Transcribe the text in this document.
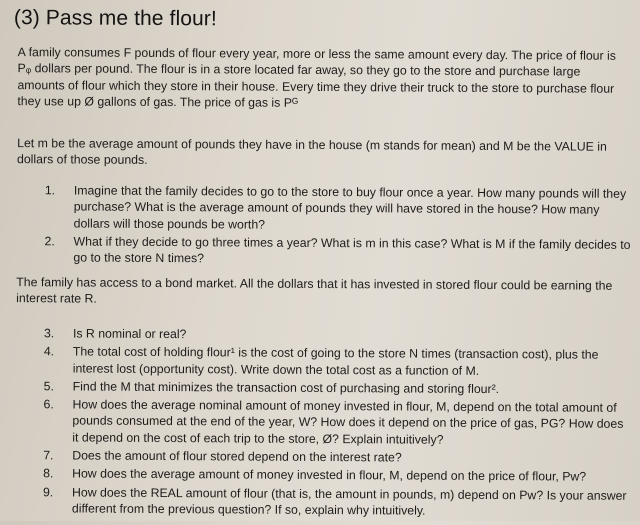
(3) Pass me the flour!
A family consumes F pounds of flour every year, more or less the same amount every day. The price of flour is Pᵩ dollars per pound. The flour is in a store located far away, so they go to the store and purchase large amounts of flour which they store in their house. Every time they drive their truck to the store to purchase flour they use up Ø gallons of gas. The price of gas is Pᴳ
Let m be the average amount of pounds they have in the house (m stands for mean) and M be the VALUE in dollars of those pounds.
1. Imagine that the family decides to go to the store to buy flour once a year. How many pounds will they purchase? What is the average amount of pounds they will have stored in the house? How many dollars will those pounds be worth?
2. What if they decide to go three times a year? What is m in this case? What is M if the family decides to go to the store N times?
The family has access to a bond market. All the dollars that it has invested in stored flour could be earning the interest rate R.
3. Is R nominal or real?
4. The total cost of holding flour¹ is the cost of going to the store N times (transaction cost), plus the interest lost (opportunity cost). Write down the total cost as a function of M.
5. Find the M that minimizes the transaction cost of purchasing and storing flour².
6. How does the average nominal amount of money invested in flour, M, depend on the total amount of pounds consumed at the end of the year, W? How does it depend on the price of gas, PG? How does it depend on the cost of each trip to the store, Ø? Explain intuitively?
7. Does the amount of flour stored depend on the interest rate?
8. How does the average amount of money invested in flour, M, depend on the price of flour, Pw?
9. How does the REAL amount of flour (that is, the amount in pounds, m) depend on Pw? Is your answer different from the previous question? If so, explain why intuitively.
